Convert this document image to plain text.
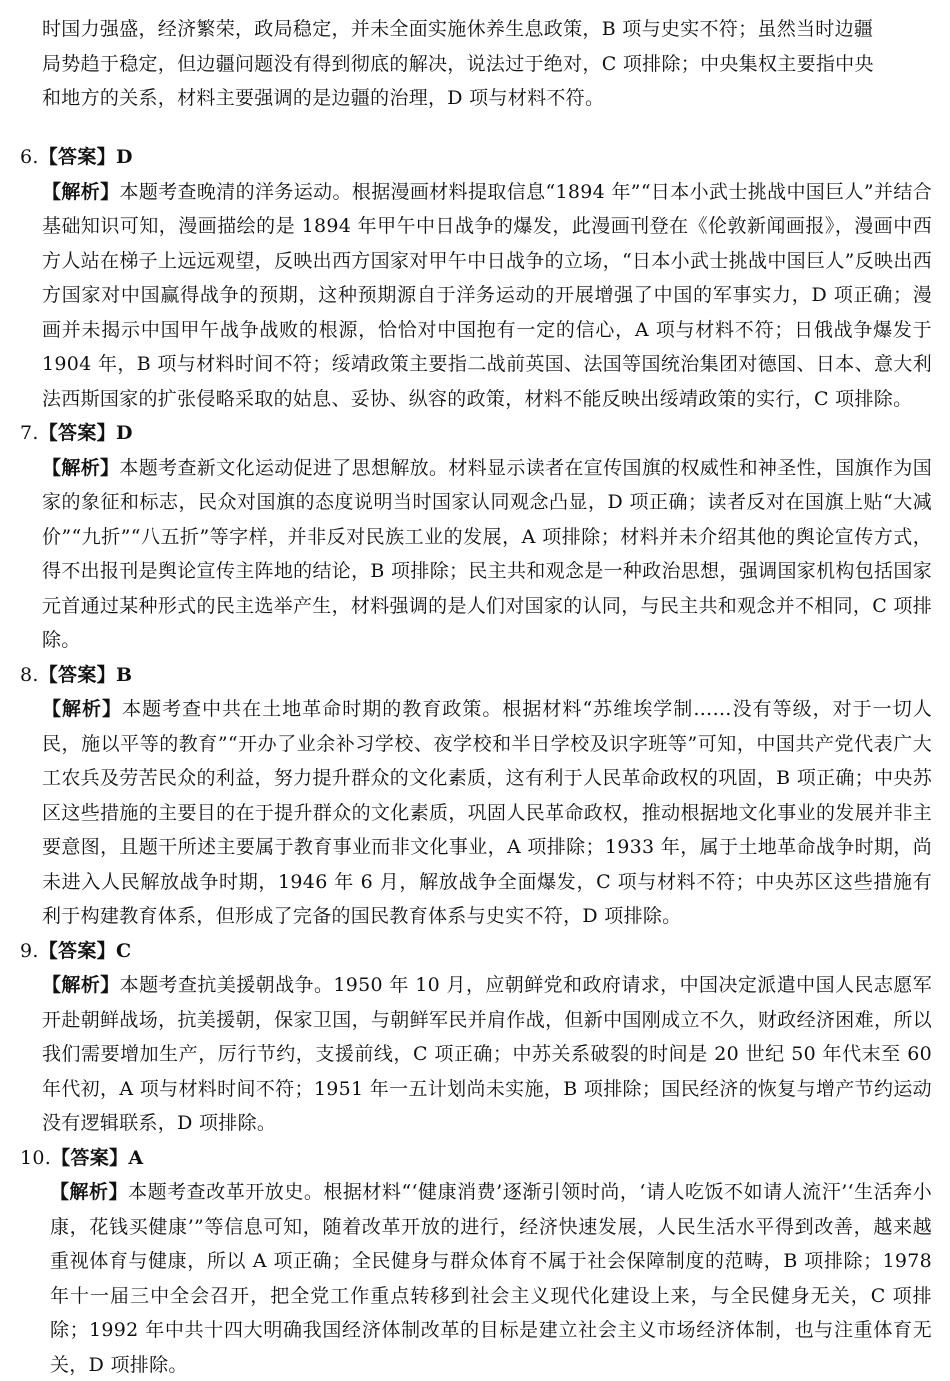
时国力强盛，经济繁荣，政局稳定，并未全面实施休养生息政策，B 项与史实不符；虽然当时边疆

局势趋于稳定，但边疆问题没有得到彻底的解决，说法过于绝对，C 项排除；中央集权主要指中央

和地方的关系，材料主要强调的是边疆的治理，D 项与材料不符。

6.【答案】D

【解析】本题考查晚清的洋务运动。根据漫画材料提取信息“1894 年”“日本小武士挑战中国巨人”并结合基础知识可知，漫画描绘的是 1894 年甲午中日战争的爆发，此漫画刊登在《伦敦新闻画报》，漫画中西方人站在梯子上远远观望，反映出西方国家对甲午中日战争的立场，“日本小武士挑战中国巨人”反映出西方国家对中国赢得战争的预期，这种预期源自于洋务运动的开展增强了中国的军事实力，D 项正确；漫画并未揭示中国甲午战争战败的根源，恰恰对中国抱有一定的信心，A 项与材料不符；日俄战争爆发于 1904 年，B 项与材料时间不符；绥靖政策主要指二战前英国、法国等国统治集团对德国、日本、意大利法西斯国家的扩张侵略采取的姑息、妥协、纵容的政策，材料不能反映出绥靖政策的实行，C 项排除。

7.【答案】D

【解析】本题考查新文化运动促进了思想解放。材料显示读者在宣传国旗的权威性和神圣性，国旗作为国家的象征和标志，民众对国旗的态度说明当时国家认同观念凸显，D 项正确；读者反对在国旗上贴“大减价”“九折”“八五折”等字样，并非反对民族工业的发展，A 项排除；材料并未介绍其他的舆论宣传方式，得不出报刊是舆论宣传主阵地的结论，B 项排除；民主共和观念是一种政治思想，强调国家机构包括国家元首通过某种形式的民主选举产生，材料强调的是人们对国家的认同，与民主共和观念并不相同，C 项排除。

8.【答案】B

【解析】本题考查中共在土地革命时期的教育政策。根据材料“苏维埃学制……没有等级，对于一切人民，施以平等的教育”“开办了业余补习学校、夜学校和半日学校及识字班等”可知，中国共产党代表广大工农兵及劳苦民众的利益，努力提升群众的文化素质，这有利于人民革命政权的巩固，B 项正确；中央苏区这些措施的主要目的在于提升群众的文化素质，巩固人民革命政权，推动根据地文化事业的发展并非主要意图，且题干所述主要属于教育事业而非文化事业，A 项排除；1933 年，属于土地革命战争时期，尚未进入人民解放战争时期，1946 年 6 月，解放战争全面爆发，C 项与材料不符；中央苏区这些措施有利于构建教育体系，但形成了完备的国民教育体系与史实不符，D 项排除。

9.【答案】C

【解析】本题考查抗美援朝战争。1950 年 10 月，应朝鲜党和政府请求，中国决定派遣中国人民志愿军开赴朝鲜战场，抗美援朝，保家卫国，与朝鲜军民并肩作战，但新中国刚成立不久，财政经济困难，所以我们需要增加生产，厉行节约，支援前线，C 项正确；中苏关系破裂的时间是 20 世纪 50 年代末至 60 年代初，A 项与材料时间不符；1951 年一五计划尚未实施，B 项排除；国民经济的恢复与增产节约运动没有逻辑联系，D 项排除。

10.【答案】A

【解析】本题考查改革开放史。根据材料“‘健康消费’逐渐引领时尚，‘请人吃饭不如请人流汗’‘生活奔小康，花钱买健康’”等信息可知，随着改革开放的进行，经济快速发展，人民生活水平得到改善，越来越重视体育与健康，所以 A 项正确；全民健身与群众体育不属于社会保障制度的范畴，B 项排除；1978 年十一届三中全会召开，把全党工作重点转移到社会主义现代化建设上来，与全民健身无关，C 项排除；1992 年中共十四大明确我国经济体制改革的目标是建立社会主义市场经济体制，也与注重体育无关，D 项排除。
